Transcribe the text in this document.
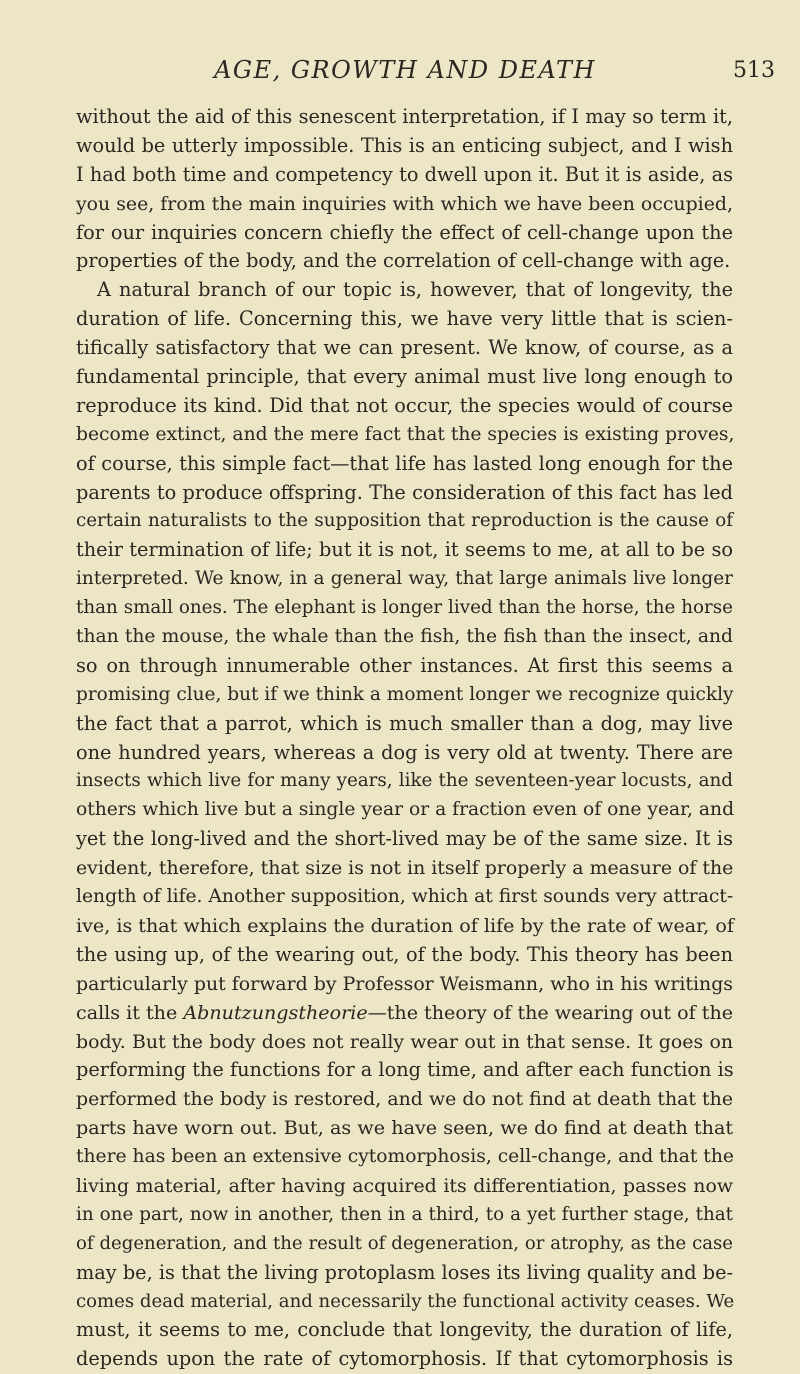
AGE, GROWTH AND DEATH	513
without the aid of this senescent interpretation, if I may so term it,
would be utterly impossible. This is an enticing subject, and I wish
I had both time and competency to dwell upon it. But it is aside, as
you see, from the main inquiries with which we have been occupied,
for our inquiries concern chiefly the effect of cell-change upon the
properties of the body, and the correlation of cell-change with age.
A natural branch of our topic is, however, that of longevity, the
duration of life. Concerning this, we have very little that is scien-
tifically satisfactory that we can present. We know, of course, as a
fundamental principle, that every animal must live long enough to
reproduce its kind. Did that not occur, the species would of course
become extinct, and the mere fact that the species is existing proves,
of course, this simple fact—that life has lasted long enough for the
parents to produce offspring. The consideration of this fact has led
certain naturalists to the supposition that reproduction is the cause of
their termination of life; but it is not, it seems to me, at all to be so
interpreted. We know, in a general way, that large animals live longer
than small ones. The elephant is longer lived than the horse, the horse
than the mouse, the whale than the fish, the fish than the insect, and
so on through innumerable other instances. At first this seems a
promising clue, but if we think a moment longer we recognize quickly
the fact that a parrot, which is much smaller than a dog, may live
one hundred years, whereas a dog is very old at twenty. There are
insects which live for many years, like the seventeen-year locusts, and
others which live but a single year or a fraction even of one year, and
yet the long-lived and the short-lived may be of the same size. It is
evident, therefore, that size is not in itself properly a measure of the
length of life. Another supposition, which at first sounds very attract-
ive, is that which explains the duration of life by the rate of wear, of
the using up, of the wearing out, of the body. This theory has been
particularly put forward by Professor Weismann, who in his writings
calls it the Abnutzungstheorie—the theory of the wearing out of the
body. But the body does not really wear out in that sense. It goes on
performing the functions for a long time, and after each function is
performed the body is restored, and we do not find at death that the
parts have worn out. But, as we have seen, we do find at death that
there has been an extensive cytomorphosis, cell-change, and that the
living material, after having acquired its differentiation, passes now
in one part, now in another, then in a third, to a yet further stage, that
of degeneration, and the result of degeneration, or atrophy, as the case
may be, is that the living protoplasm loses its living quality and be-
comes dead material, and necessarily the functional activity ceases. We
must, it seems to me, conclude that longevity, the duration of life,
depends upon the rate of cytomorphosis. If that cytomorphosis is
